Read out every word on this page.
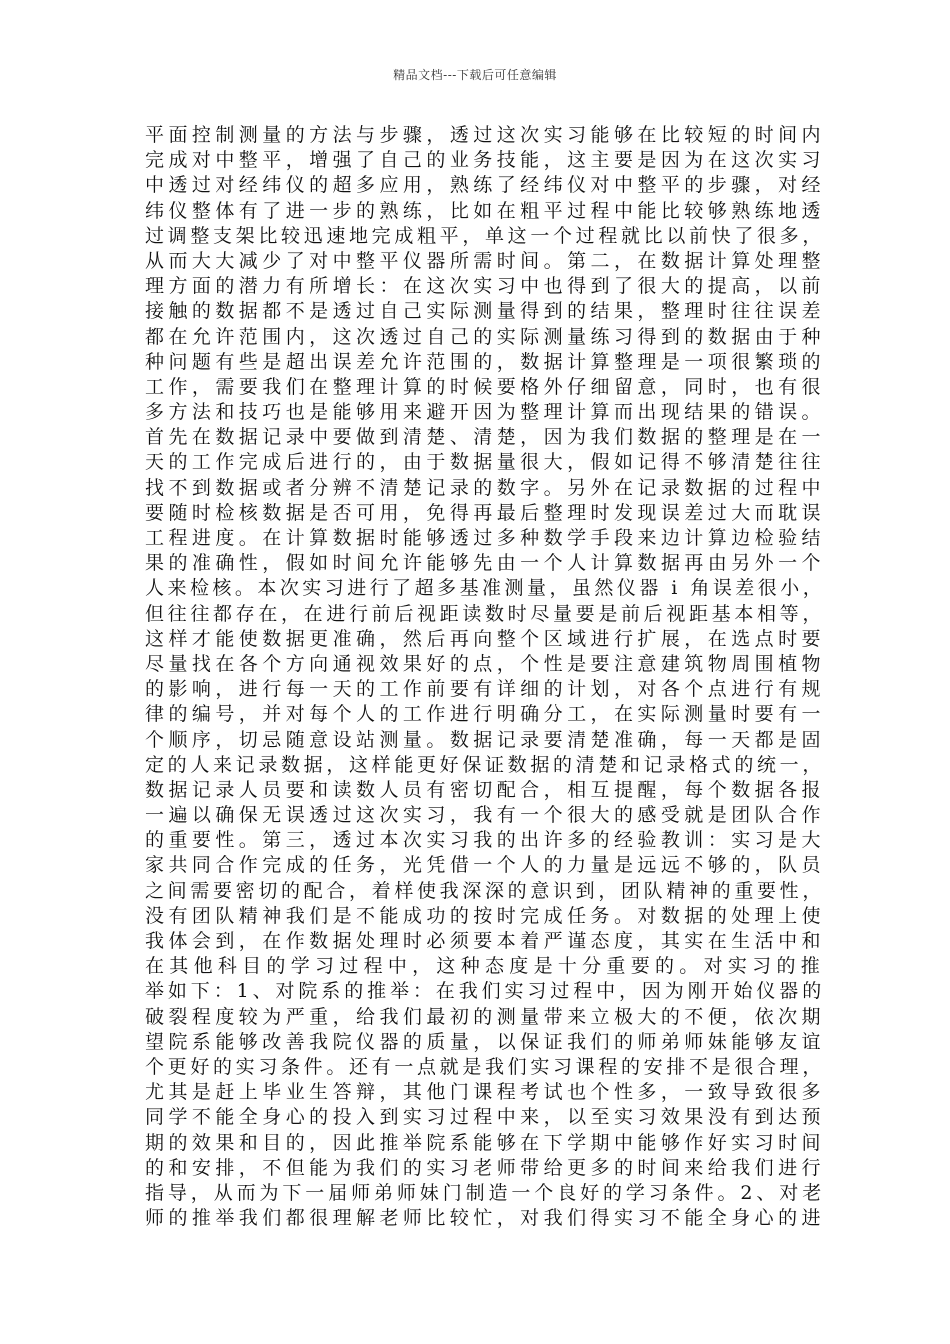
精品文档---下载后可任意编辑
平面控制测量的方法与步骤，透过这次实习能够在比较短的时间内
完成对中整平，增强了自己的业务技能，这主要是因为在这次实习
中透过对经纬仪的超多应用，熟练了经纬仪对中整平的步骤，对经
纬仪整体有了进一步的熟练，比如在粗平过程中能比较够熟练地透
过调整支架比较迅速地完成粗平，单这一个过程就比以前快了很多，
从而大大减少了对中整平仪器所需时间。第二，在数据计算处理整
理方面的潜力有所增长：在这次实习中也得到了很大的提高，以前
接触的数据都不是透过自己实际测量得到的结果，整理时往往误差
都在允许范围内，这次透过自己的实际测量练习得到的数据由于种
种问题有些是超出误差允许范围的，数据计算整理是一项很繁琐的
工作，需要我们在整理计算的时候要格外仔细留意，同时，也有很
多方法和技巧也是能够用来避开因为整理计算而出现结果的错误。
首先在数据记录中要做到清楚、清楚，因为我们数据的整理是在一
天的工作完成后进行的，由于数据量很大，假如记得不够清楚往往
找不到数据或者分辨不清楚记录的数字。另外在记录数据的过程中
要随时检核数据是否可用，免得再最后整理时发现误差过大而耽误
工程进度。在计算数据时能够透过多种数学手段来边计算边检验结
果的准确性，假如时间允许能够先由一个人计算数据再由另外一个
人来检核。本次实习进行了超多基准测量，虽然仪器 i 角误差很小，
但往往都存在，在进行前后视距读数时尽量要是前后视距基本相等，
这样才能使数据更准确，然后再向整个区域进行扩展，在选点时要
尽量找在各个方向通视效果好的点，个性是要注意建筑物周围植物
的影响，进行每一天的工作前要有详细的计划，对各个点进行有规
律的编号，并对每个人的工作进行明确分工，在实际测量时要有一
个顺序，切忌随意设站测量。数据记录要清楚准确，每一天都是固
定的人来记录数据，这样能更好保证数据的清楚和记录格式的统一，
数据记录人员要和读数人员有密切配合，相互提醒，每个数据各报
一遍以确保无误透过这次实习，我有一个很大的感受就是团队合作
的重要性。第三，透过本次实习我的出许多的经验教训：实习是大
家共同合作完成的任务，光凭借一个人的力量是远远不够的，队员
之间需要密切的配合，着样使我深深的意识到，团队精神的重要性，
没有团队精神我们是不能成功的按时完成任务。对数据的处理上使
我体会到，在作数据处理时必须要本着严谨态度，其实在生活中和
在其他科目的学习过程中，这种态度是十分重要的。对实习的推
举如下：1、对院系的推举：在我们实习过程中，因为刚开始仪器的
破裂程度较为严重，给我们最初的测量带来立极大的不便，依次期
望院系能够改善我院仪器的质量，以保证我们的师弟师妹能够友谊
个更好的实习条件。还有一点就是我们实习课程的安排不是很合理，
尤其是赶上毕业生答辩，其他门课程考试也个性多，一致导致很多
同学不能全身心的投入到实习过程中来，以至实习效果没有到达预
期的效果和目的，因此推举院系能够在下学期中能够作好实习时间
的和安排，不但能为我们的实习老师带给更多的时间来给我们进行
指导，从而为下一届师弟师妹门制造一个良好的学习条件。2、对老
师的推举我们都很理解老师比较忙，对我们得实习不能全身心的进
